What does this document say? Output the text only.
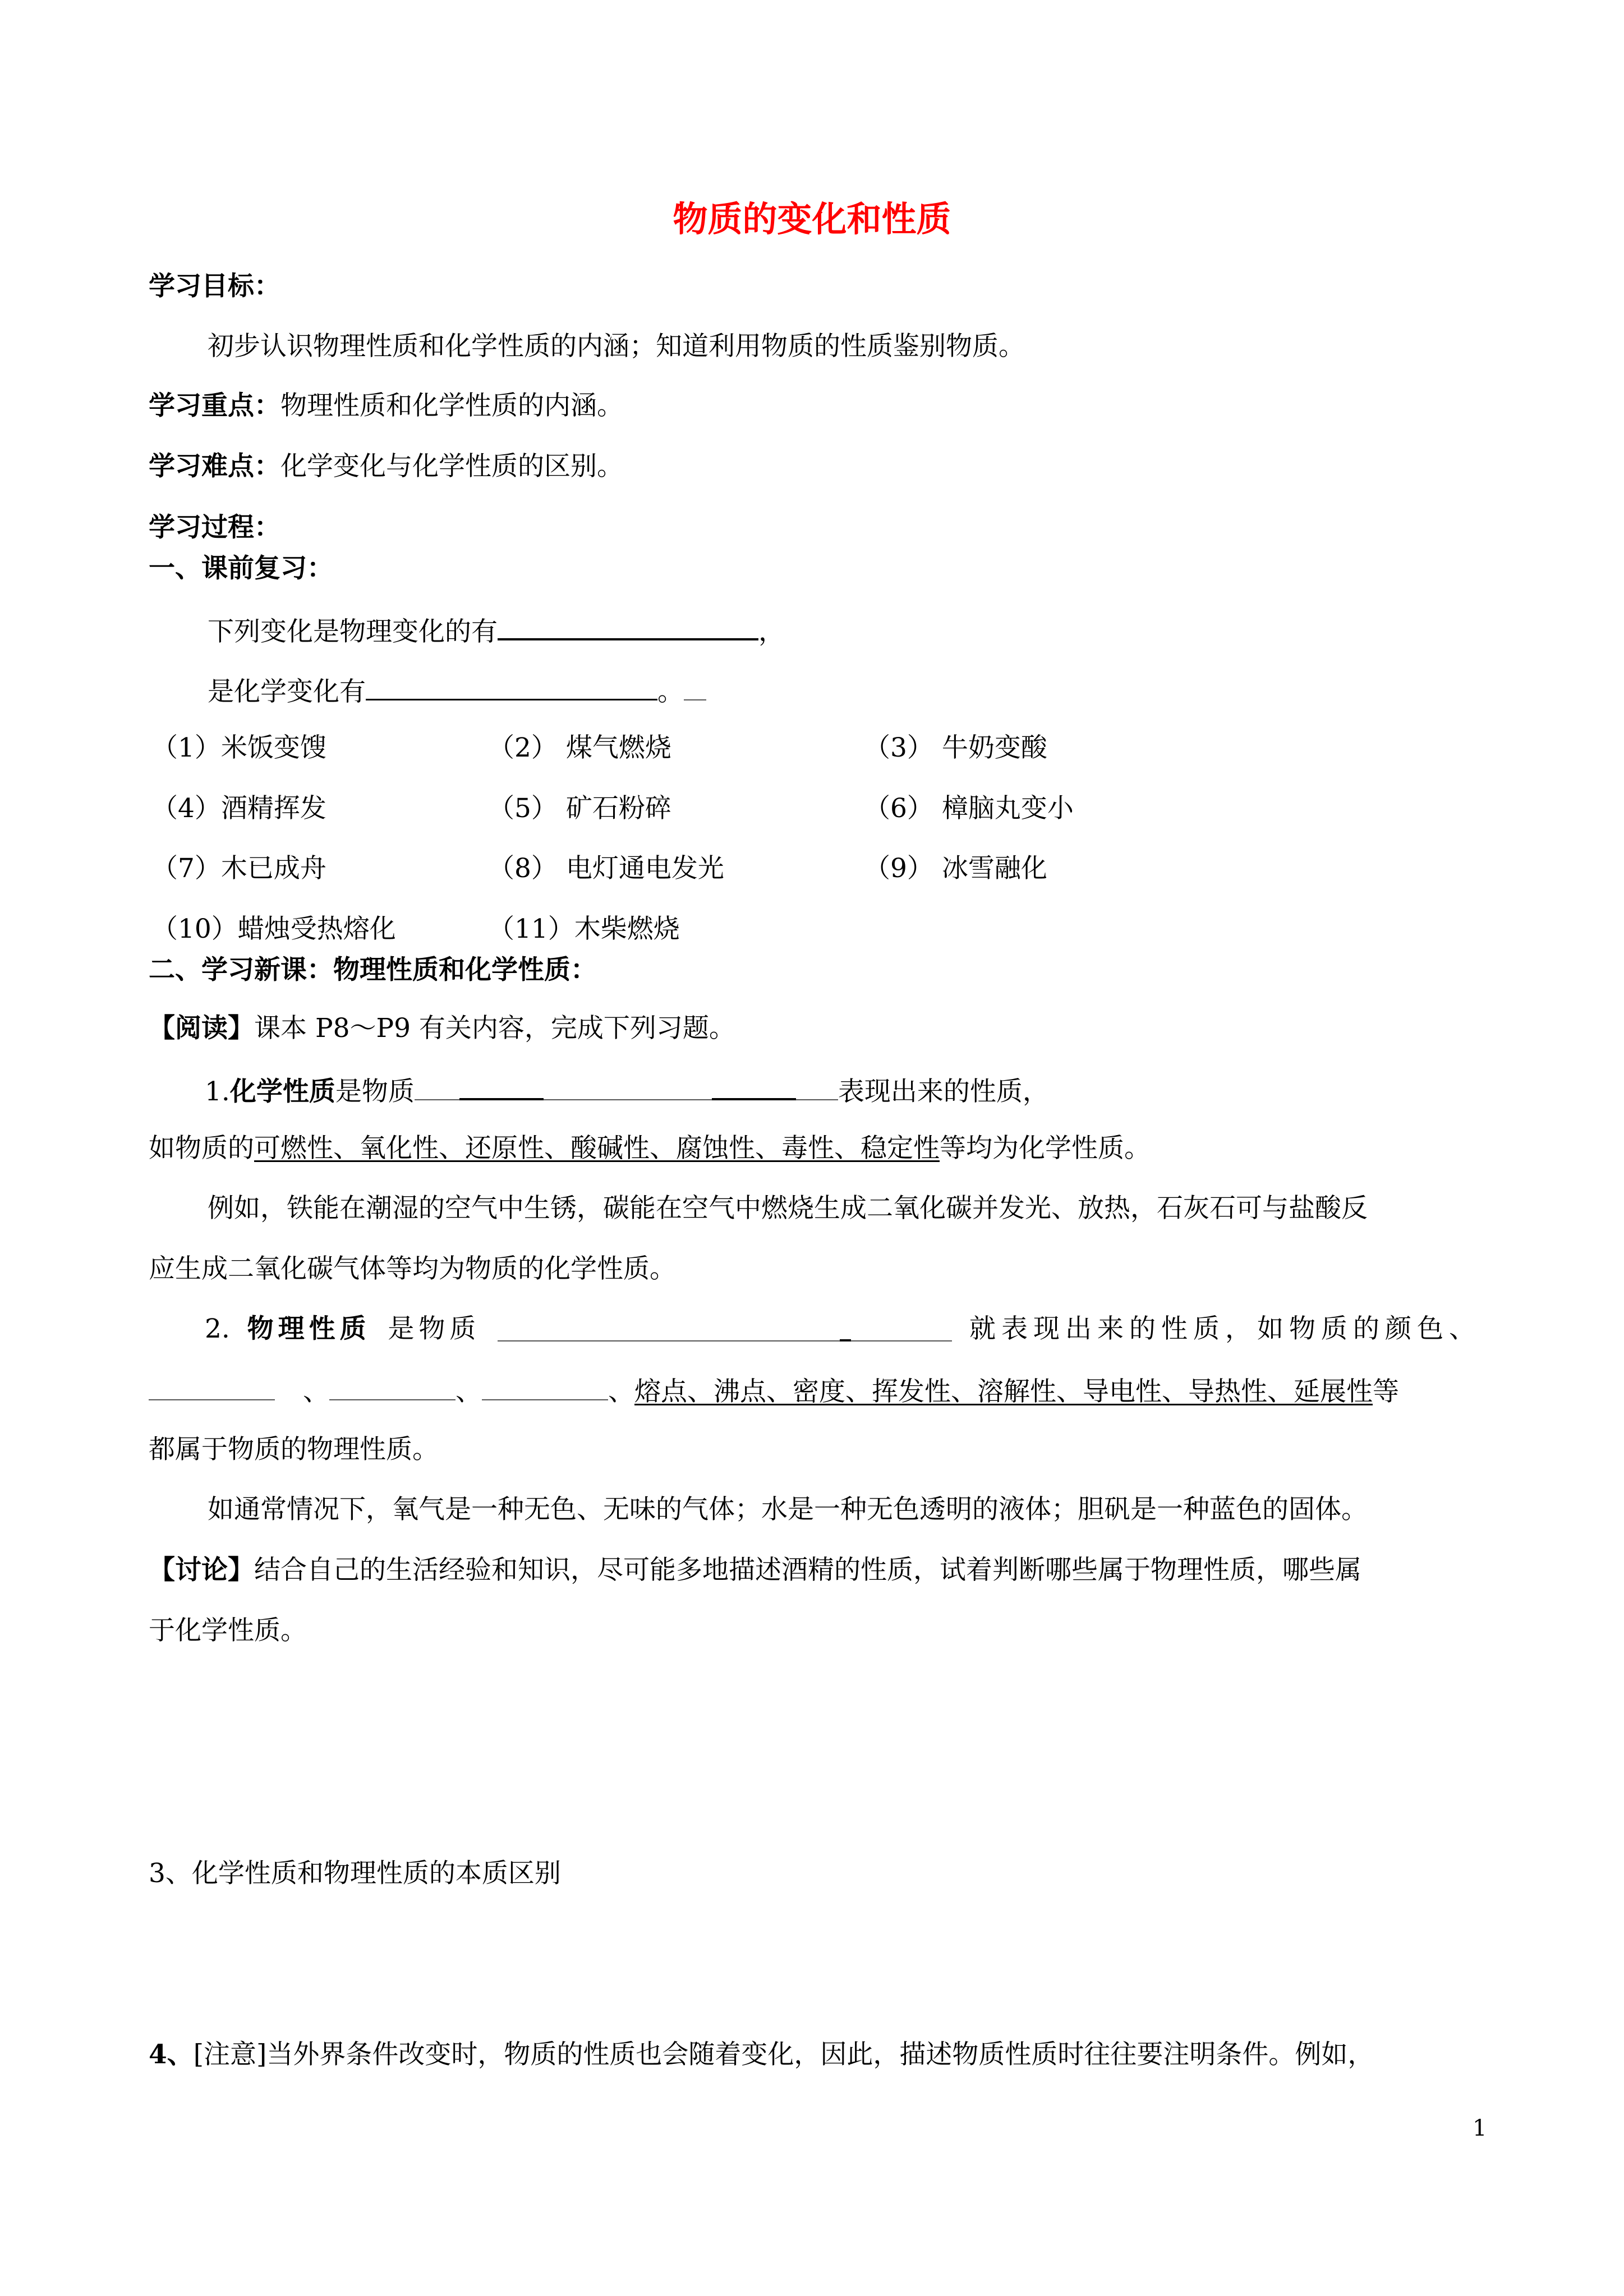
物质的变化和性质
学习目标：
初步认识物理性质和化学性质的内涵；知道利用物质的性质鉴别物质。
学习重点：物理性质和化学性质的内涵。
学习难点：化学变化与化学性质的区别。
学习过程：
一、课前复习：
下列变化是物理变化的有	，
是化学变化有	。
（1）米饭变馊	（2） 煤气燃烧	（3） 牛奶变酸
（4）酒精挥发	（5） 矿石粉碎	（6） 樟脑丸变小
（7）木已成舟	（8） 电灯通电发光	（9） 冰雪融化
（10）蜡烛受热熔化	（11）木柴燃烧
二、学习新课：物理性质和化学性质：
【阅读】课本 P8～P9 有关内容，完成下列习题。
1.化学性质是物质	表现出来的性质，
如物质的可燃性、氧化性、还原性、酸碱性、腐蚀性、毒性、稳定性等均为化学性质。
例如，铁能在潮湿的空气中生锈，碳能在空气中燃烧生成二氧化碳并发光、放热，石灰石可与盐酸反
应生成二氧化碳气体等均为物质的化学性质。
2. 物理性质 是物质	就表现出来的性质，如物质的颜色、
、	、	、熔点、沸点、密度、挥发性、溶解性、导电性、导热性、延展性等
都属于物质的物理性质。
如通常情况下，氧气是一种无色、无味的气体；水是一种无色透明的液体；胆矾是一种蓝色的固体。
【讨论】结合自己的生活经验和知识，尽可能多地描述酒精的性质，试着判断哪些属于物理性质，哪些属
于化学性质。
3、化学性质和物理性质的本质区别
4、[注意]当外界条件改变时，物质的性质也会随着变化，因此，描述物质性质时往往要注明条件。例如，
1
